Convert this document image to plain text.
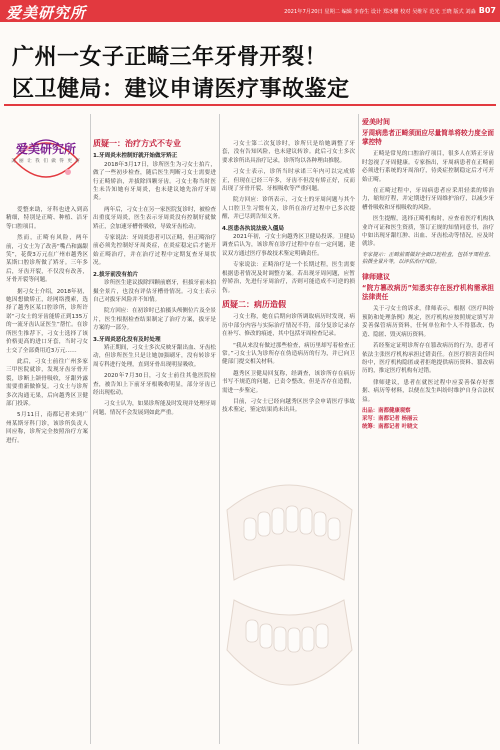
爱美研究所	2021年7月20日 星期二 编辑 李春生 设计 郑冰樱 校对 吴维军 范光 王晓 版式 刘淼 B07
广州一女子正畸三年牙骨开裂！
区卫健局：建议申请医疗事故鉴定
爱美研究所
美 丽 让 我 们 做 得 更 好

爱整来助，牙科也进入到高精细，特别是正畸、种植、洁牙等口腔项目。

然而，正畸有风险，两年前，刁女士为了改善“嘴凸和露龈笑”，花费3万元在广州市越秀区某斯口腔诊所做了矫牙。三年多后，牙齿开裂，不仅没有改善，牙骨开裂等问题。

据刁女士介绍，2018年初，她因想做矫正，经网络搜索，选择了越秀区某口腔诊所，诊所许诺“刁女士的牙齿能矫正到135万的一流牙齿认证医生”帮忙。在诊所医生推荐下，刁女士选择了该价格更高的进口牙套，当时刁女士交了全部费用近3万元……

此后，刁女士前往广州多家三甲医院就诊，发现牙齿牙骨开裂，诊断上颌骨吸收，牙龈外露需要重新做修复。刁女士与诊所多次沟通无果，后向越秀区卫健部门投诉。

5月11日，南都记者来到广州某斯牙科门诊，该诊所负责人回应称，诊所完全按照治疗方案进行。

质疑一：治疗方式不专业
1.牙周炎未控制好就开始做牙矫正

2018年3月17日，诊所医生为刁女士拍片，做了一些初步检查，随后医生判断刁女士需要进行正畸矫治，并拔除四颗牙齿。刁女士称当时医生未告知她有牙周炎，也未建议她先治疗牙周炎。

两年后，刁女士在另一家医院复诊时，被检查出重度牙周炎，医生表示牙周炎没有控制好就做矫正，会加速牙槽骨吸收，导致牙齿松动。

专家说法：牙周炎患者可以正畸，但正畸治疗前必须先控制好牙周炎症，在炎症稳定后才能开始正畸治疗，并在治疗过程中定期复查牙周状况。

2.拔牙前没有拍片

诊所医生建议拔除四颗前磨牙，但拔牙前未拍摄全景片，也没有评估牙槽骨情况。刁女士表示自己对拔牙风险并不知情。

院方回应：在初诊时已拍摄头颅侧位片及全景片，医生根据检查结果制定了治疗方案，拔牙是方案的一部分。

3.牙周炎恶化没有及时处理

矫正期间，刁女士多次反映牙龈出血、牙齿松动，但诊所医生只是让她加强刷牙，没有转诊牙周专科进行处理，直到牙骨出现明显吸收。

2020年7月30日，刁女士前往其他医院检查，被告知上下前牙牙根吸收明显，部分牙齿已经出现松动。

刁女士认为，如果诊所能及时发现并处理牙周问题，情况不会发展到如此严重。

刁女士第二次复诊时，诊所只是给她调整了牙套，没有告知风险，也未建议转诊。此后刁女士多次要求诊所出具治疗记录，诊所均以各种理由推脱。

刁女士表示，诊所当时承诺三年内可以完成矫正，但现在已经三年多，牙齿不但没有矫正好，反而出现了牙骨开裂、牙根吸收等严重问题。

院方回应：诊所表示，刁女士的牙周问题与其个人口腔卫生习惯有关，诊所在治疗过程中已多次提醒，并已尽到告知义务。

4.医患各执说法致入僵局

2021年初，刁女士向越秀区卫健局投诉。卫健局调查后认为，该诊所在诊疗过程中存在一定问题，建议双方通过医疗事故技术鉴定明确责任。

专家说法：正畸治疗是一个长期过程，医生需要根据患者情况及时调整方案。若出现牙周问题，应暂停矫治，先进行牙周治疗，否则可能造成不可逆的损伤。

质疑二：病历造假

刁女士称，她在后期向诊所调取病历时发现，病历中部分内容与实际治疗情况不符，部分复诊记录存在补写、修改的痕迹，其中包括牙周检查记录。

“我从来没有做过那些检查，病历里却写着检查正常。”刁女士认为诊所存在伪造病历的行为，并已向卫健部门提交相关材料。

越秀区卫健局回复称，经调查，该诊所存在病历书写不规范的问题，已责令整改，但是否存在造假，需进一步鉴定。

目前，刁女士已经向越秀区医学会申请医疗事故技术鉴定，鉴定结果尚未出具。

爱美时间
牙周病患者正畸须面应尽量简单将较力度全面掌控特

正畸是常见的口腔治疗项目，很多人在矫正牙齿时忽视了牙周健康。专家指出，牙周病患者在正畸前必须进行系统的牙周治疗，待炎症控制稳定后才可开始正畸。

在正畸过程中，牙周病患者应采用轻柔的矫治力，缩短疗程，并定期进行牙周维护治疗，以减少牙槽骨吸收和牙根吸收的风险。

医生提醒，选择正畸机构时，应查看医疗机构执业许可证和医生资质，签订正规的知情同意书，治疗中如出现牙龈红肿、出血、牙齿松动等情况，应及时就诊。

专家提示：正畸前需做好全面口腔检查，包括牙周检查、拍摄全景片等，以评估治疗风险。
律师建议
“院方篡改病历”知悉实存在医疗机构需承担法律责任

关于刁女士的诉求，律师表示，根据《医疗纠纷预防和处理条例》规定，医疗机构应按照规定填写并妥善保管病历资料，任何单位和个人不得篡改、伪造、隐匿、毁灭病历资料。

若经鉴定证明诊所存在篡改病历的行为，患者可依法主张医疗机构承担过错责任。在医疗损害责任纠纷中，医疗机构隐匿或者拒绝提供病历资料、篡改病历的，推定医疗机构有过错。

律师建议，患者在就医过程中应妥善保存好票据、病历等材料，以便在发生纠纷时维护自身合法权益。

出品：南都健康观察
采写：南都记者 杨丽云
统筹：南都记者 叶晓文
